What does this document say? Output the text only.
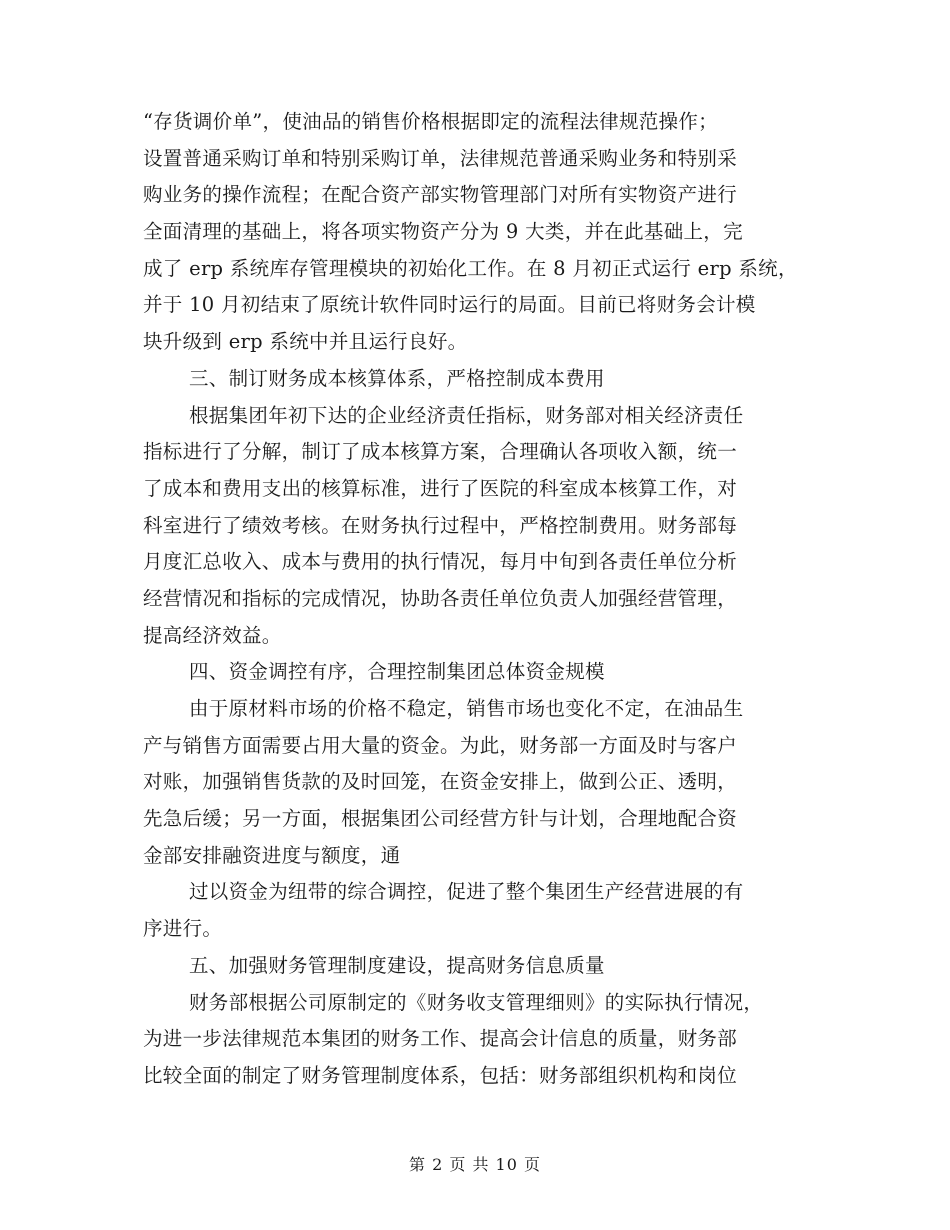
“存货调价单”，使油品的销售价格根据即定的流程法律规范操作；
设置普通采购订单和特别采购订单，法律规范普通采购业务和特别采
购业务的操作流程；在配合资产部实物管理部门对所有实物资产进行
全面清理的基础上，将各项实物资产分为 9 大类，并在此基础上，完
成了 erp 系统库存管理模块的初始化工作。在 8 月初正式运行 erp 系统，
并于 10 月初结束了原统计软件同时运行的局面。目前已将财务会计模
块升级到 erp 系统中并且运行良好。
三、制订财务成本核算体系，严格控制成本费用
根据集团年初下达的企业经济责任指标，财务部对相关经济责任
指标进行了分解，制订了成本核算方案，合理确认各项收入额，统一
了成本和费用支出的核算标准，进行了医院的科室成本核算工作，对
科室进行了绩效考核。在财务执行过程中，严格控制费用。财务部每
月度汇总收入、成本与费用的执行情况，每月中旬到各责任单位分析
经营情况和指标的完成情况，协助各责任单位负责人加强经营管理，
提高经济效益。
四、资金调控有序，合理控制集团总体资金规模
由于原材料市场的价格不稳定，销售市场也变化不定，在油品生
产与销售方面需要占用大量的资金。为此，财务部一方面及时与客户
对账，加强销售货款的及时回笼，在资金安排上，做到公正、透明，
先急后缓；另一方面，根据集团公司经营方针与计划，合理地配合资
金部安排融资进度与额度，通
过以资金为纽带的综合调控，促进了整个集团生产经营进展的有
序进行。
五、加强财务管理制度建设，提高财务信息质量
财务部根据公司原制定的《财务收支管理细则》的实际执行情况，
为进一步法律规范本集团的财务工作、提高会计信息的质量，财务部
比较全面的制定了财务管理制度体系，包括：财务部组织机构和岗位
第 2 页 共 10 页
